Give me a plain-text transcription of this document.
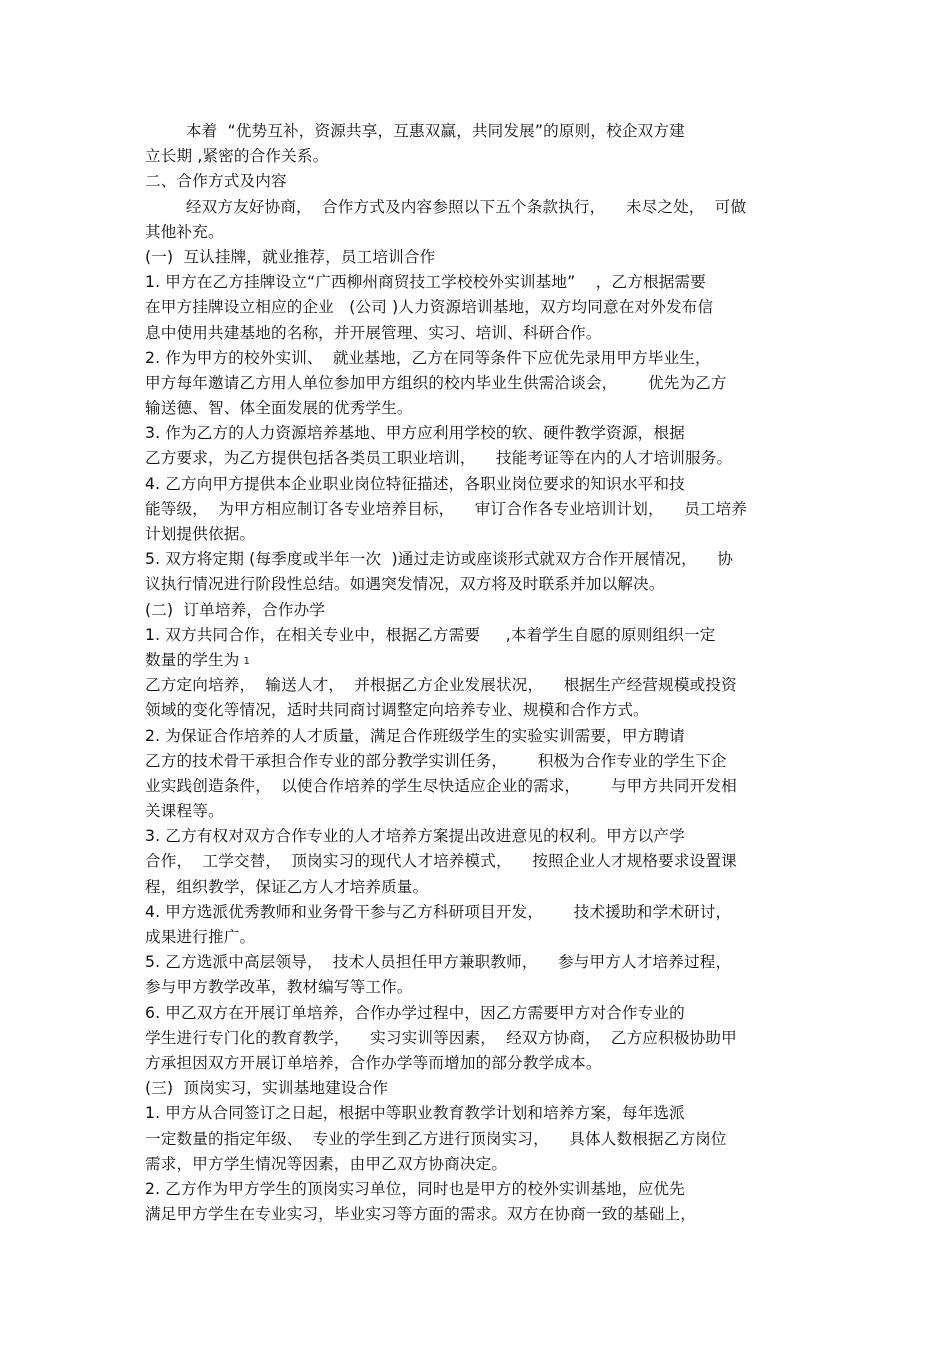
本着  “优势互补，资源共享，互惠双赢，共同发展”的原则，校企双方建
立长期 ,紧密的合作关系。
二、合作方式及内容
经双方友好协商，  合作方式及内容参照以下五个条款执行，    未尽之处，  可做
其他补充。
(一)  互认挂牌，就业推荐，员工培训合作
1. 甲方在乙方挂牌设立“广西柳州商贸技工学校校外实训基地”    ，乙方根据需要
在甲方挂牌设立相应的企业   (公司 )人力资源培训基地，双方均同意在对外发布信
息中使用共建基地的名称，并开展管理、实习、培训、科研合作。
2. 作为甲方的校外实训、  就业基地，乙方在同等条件下应优先录用甲方毕业生，
甲方每年邀请乙方用人单位参加甲方组织的校内毕业生供需洽谈会，      优先为乙方
输送德、智、体全面发展的优秀学生。
3. 作为乙方的人力资源培养基地、甲方应利用学校的软、硬件教学资源，根据
乙方要求，为乙方提供包括各类员工职业培训，    技能考证等在内的人才培训服务。
4. 乙方向甲方提供本企业职业岗位特征描述，各职业岗位要求的知识水平和技
能等级，  为甲方相应制订各专业培养目标，    审订合作各专业培训计划，    员工培养
计划提供依据。
5. 双方将定期 (每季度或半年一次  )通过走访或座谈形式就双方合作开展情况，    协
议执行情况进行阶段性总结。如遇突发情况，双方将及时联系并加以解决。
(二)  订单培养，合作办学
1. 双方共同合作，在相关专业中，根据乙方需要     ,本着学生自愿的原则组织一定
数量的学生为 1
乙方定向培养，  输送人才，  并根据乙方企业发展状况，    根据生产经营规模或投资
领域的变化等情况，适时共同商讨调整定向培养专业、规模和合作方式。
2. 为保证合作培养的人才质量，满足合作班级学生的实验实训需要，甲方聘请
乙方的技术骨干承担合作专业的部分教学实训任务，      积极为合作专业的学生下企
业实践创造条件，  以使合作培养的学生尽快适应企业的需求，      与甲方共同开发相
关课程等。
3. 乙方有权对双方合作专业的人才培养方案提出改进意见的权利。甲方以产学
合作，  工学交替，  顶岗实习的现代人才培养模式，    按照企业人才规格要求设置课
程，组织教学，保证乙方人才培养质量。
4. 甲方选派优秀教师和业务骨干参与乙方科研项目开发，      技术援助和学术研讨，
成果进行推广。
5. 乙方选派中高层领导，  技术人员担任甲方兼职教师，    参与甲方人才培养过程，
参与甲方教学改革，教材编写等工作。
6. 甲乙双方在开展订单培养，合作办学过程中，因乙方需要甲方对合作专业的
学生进行专门化的教育教学，    实习实训等因素，  经双方协商，  乙方应积极协助甲
方承担因双方开展订单培养，合作办学等而增加的部分教学成本。
(三)  顶岗实习，实训基地建设合作
1. 甲方从合同签订之日起，根据中等职业教育教学计划和培养方案，每年选派
一定数量的指定年级、  专业的学生到乙方进行顶岗实习，    具体人数根据乙方岗位
需求，甲方学生情况等因素，由甲乙双方协商决定。
2. 乙方作为甲方学生的顶岗实习单位，同时也是甲方的校外实训基地，应优先
满足甲方学生在专业实习，毕业实习等方面的需求。双方在协商一致的基础上，
